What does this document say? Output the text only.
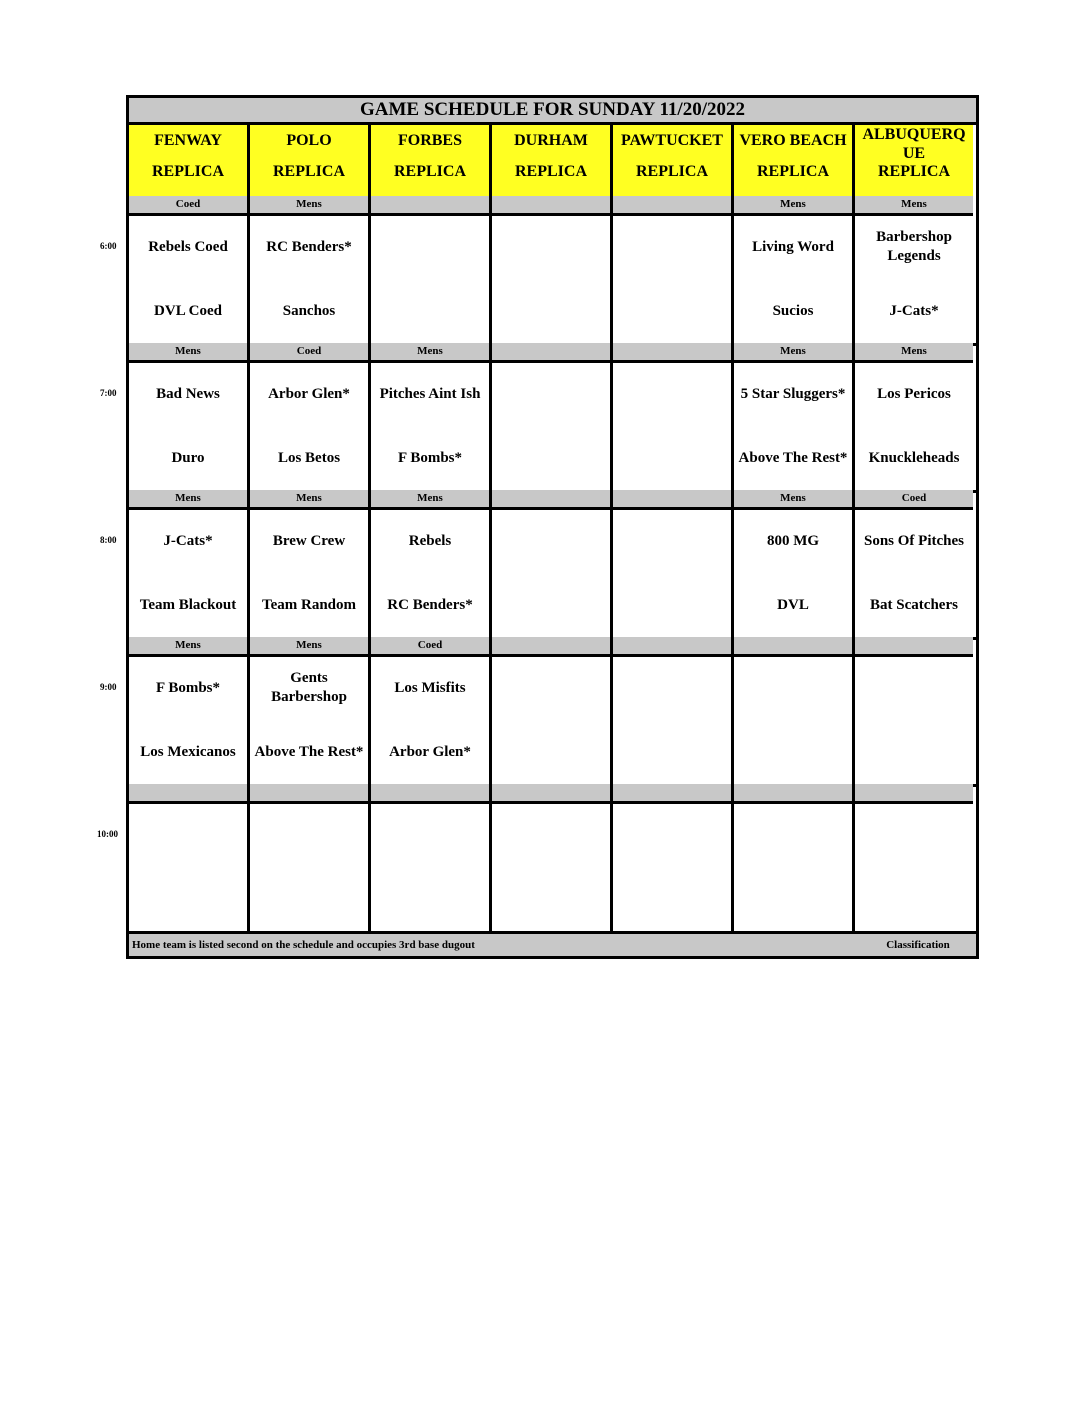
GAME SCHEDULE FOR SUNDAY 11/20/2022
FENWAY
REPLICA
POLO
REPLICA
FORBES
REPLICA
DURHAM
REPLICA
PAWTUCKET
REPLICA
VERO BEACH
REPLICA
ALBUQUERQUE
REPLICA
Coed
Rebels Coed
DVL Coed
Mens
RC Benders*
Sanchos
Mens
Living Word
Sucios
Mens
Barbershop Legends
J-Cats*
Mens
Bad News
Duro
Coed
Arbor Glen*
Los Betos
Mens
Pitches Aint Ish
F Bombs*
Mens
5 Star Sluggers*
Above The Rest*
Mens
Los Pericos
Knuckleheads
Mens
J-Cats*
Team Blackout
Mens
Brew Crew
Team Random
Mens
Rebels
RC Benders*
Mens
800 MG
DVL
Coed
Sons Of Pitches
Bat Scatchers
Mens
F Bombs*
Los Mexicanos
Mens
Gents Barbershop
Above The Rest*
Coed
Los Misfits
Arbor Glen*
Home team is listed second on the schedule and occupies 3rd base dugout	Classification
6:00
7:00
8:00
9:00
10:00
